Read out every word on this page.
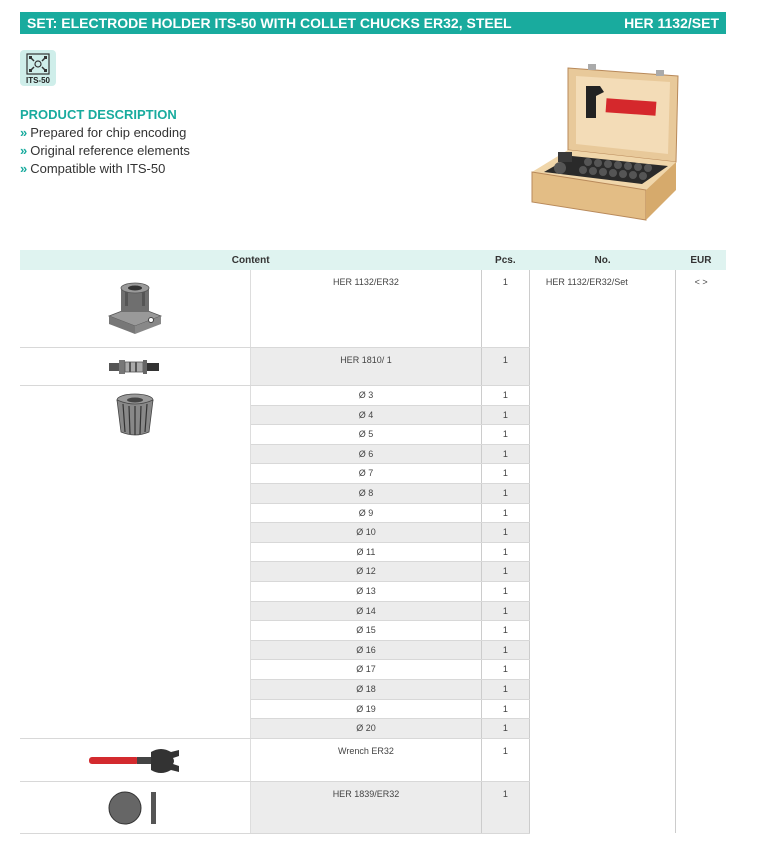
SET: ELECTRODE HOLDER ITS-50 WITH COLLET CHUCKS ER32, STEEL	HER 1132/SET
ITS-50
PRODUCT DESCRIPTION
» Prepared for chip encoding
» Original reference elements
» Compatible with ITS-50
Content		Pcs.	No.	EUR
	HER 1132/ER32	1	HER 1132/ER32/Set	< >
	HER 1810/ 1	1		
	Ø 3	1		
	Ø 4	1		
	Ø 5	1		
	Ø 6	1		
	Ø 7	1		
	Ø 8	1		
	Ø 9	1		
	Ø 10	1		
	Ø 11	1		
	Ø 12	1		
	Ø 13	1		
	Ø 14	1		
	Ø 15	1		
	Ø 16	1		
	Ø 17	1		
	Ø 18	1		
	Ø 19	1		
	Ø 20	1		
	Wrench ER32	1		
	HER 1839/ER32	1		
